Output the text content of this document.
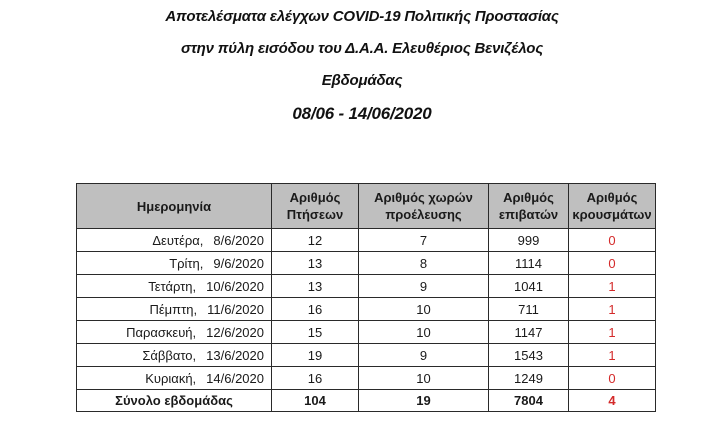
Αποτελέσματα ελέγχων COVID-19 Πολιτικής Προστασίας
στην πύλη εισόδου του Δ.Α.Α. Ελευθέριος Βενιζέλος
Εβδομάδας
08/06 - 14/06/2020
Ημερομηνία	Αριθμός Πτήσεων	Αριθμός χωρών προέλευσης	Αριθμός επιβατών	Αριθμός κρουσμάτων

Δευτέρα, 8/6/2020	12	7	999	0

Τρίτη, 9/6/2020	13	8	1114	0

Τετάρτη, 10/6/2020	13	9	1041	1

Πέμπτη, 11/6/2020	16	10	711	1

Παρασκευή, 12/6/2020	15	10	1147	1

Σάββατο, 13/6/2020	19	9	1543	1

Κυριακή, 14/6/2020	16	10	1249	0
Σύνολο εβδομάδας	104	19	7804	4
